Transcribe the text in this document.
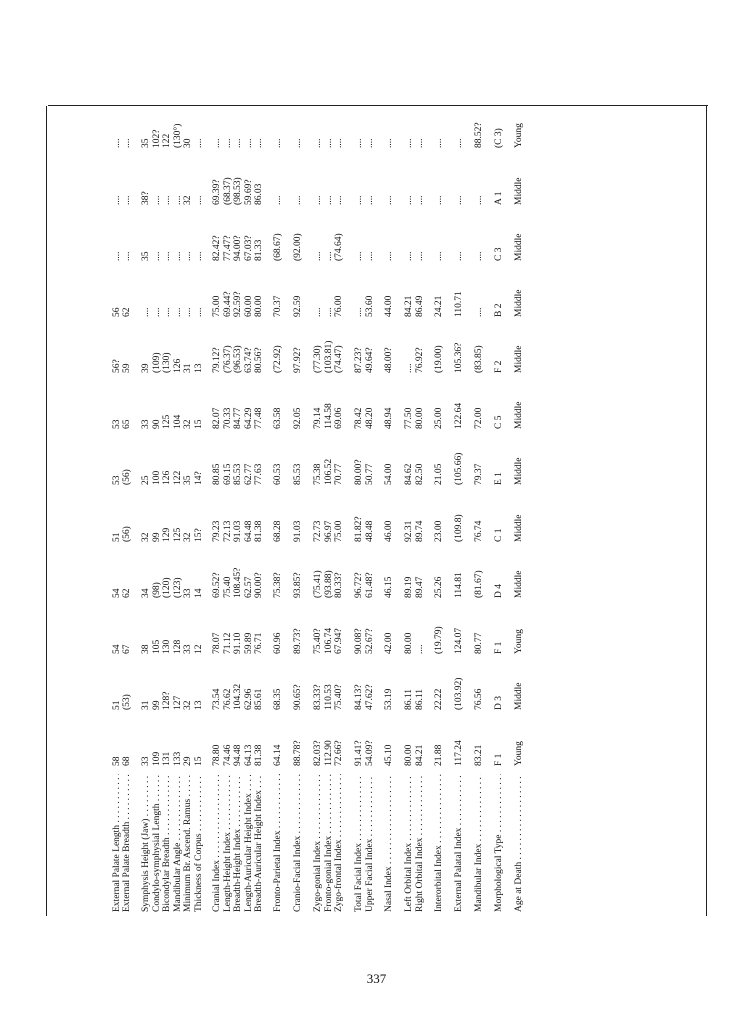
337
External Palate Length . . . External Palate Breadth . . . Symphysis Height (Jaw) . . . Condylo-symphysial Length . . . Bicondylar Breadth . . . Mandibular Angle . . . Minimum Br. Ascend. Ramus . . . Thickness of Corpus . . . Cranial Index . . . Length-Height Index . . . Breadth-Height Index . . . Length-Auricular Height Index . . . Breadth-Auricular Height Index . . . Fronto-Parietal Index . . . Cranio-Facial Index . . . Zygo-gonial Index . . . Fronto-gonial Index . . . Zygo-frontal Index . . . Total Facial Index . . . Upper Facial Index . . . Nasal Index . . . Left Orbital Index . . . Right Orbital Index . . . Interorbital Index . . . External Palatal Index . . . Mandibular Index . . . Morphological Type . . . Age at Death . . .
58 68 33 109 131 133 29 15 78.80 74.46 94.48 64.13 81.38 64.14 88.78? 82.03? 112.90 72.66? 91.41? 54.09? 45.10 80.00 84.21 21.88 117.24 83.21 F 1 Young
51 (53) 31 99 128? 127 32 13 73.54 76.62 104.32 62.96 85.61 68.35 90.65? 83.33? 110.53 75.40? 84.13? 47.62? 53.19 86.11 86.11 22.22 (103.92) 76.56 D 3 Middle
54 67 38 105 130 128 33 12 78.07 71.12 91.10 59.89 76.71 60.96 89.73? 75.40? 106.74 67.94? 90.08? 52.67? 42.00 80.00 .... (19.79) 124.07 80.77 F 1 Young
54 62 34 (98) (120) (123) 33 14 69.52? 75.40 108.45? 62.57 90.00? 75.38? 93.85? (75.41) (93.88) 80.33? 96.72? 61.48? 46.15 89.19 89.47 25.26 114.81 (81.67) D 4 Middle
51 (56) 32 99 129 125 32 15? 79.23 72.13 91.03 64.48 81.38 68.28 91.03 72.73 96.97 75.00 81.82? 48.48 46.00 92.31 89.74 23.00 (109.8) 76.74 C 1 Middle
53 (56) 25 100 126 122 35 14? 80.85 69.15 85.53 62.77 77.63 60.53 85.53 75.38 106.52 70.77 80.00? 50.77 54.00 84.62 82.50 21.05 (105.66) 79.37 E 1 Middle
53 65 33 90 125 104 32 15 82.07 70.33 84.77 64.29 77.48 63.58 92.05 79.14 114.58 69.06 78.42 48.20 48.94 77.50 80.00 25.00 122.64 72.00 C 5 Middle
56? 59 39 (109) (130) 126 31 13 79.12? (76.37) (96.53) 63.74? 80.56? (72.92) 97.92? (77.30) (103.81) (74.47) 87.23? 49.64? 48.00? .... 76.92? (19.00) 105.36? (83.85) F 2 Middle
56 62 .... .... .... .... .... .... 75.00 69.44? 92.59? 60.00 80.00 70.37 92.59 .... .... 76.00 .... 53.60 44.00 84.21 86.49 24.21 110.71 .... B 2 Middle
.... .... 35 .... .... .... .... .... 82.42? 77.47? 94.00? 67.03? 81.33 (68.67) (92.00) .... .... (74.64) .... .... .... .... .... .... .... .... C 3 Middle
.... .... 38? .... .... .... 32 .... 69.39? (68.37) (98.53) 59.69? 86.03 .... .... .... .... .... .... .... .... .... .... .... .... .... A 1 Middle
.... .... 35 102? 122 (130°) 30 .... .... .... .... .... .... .... .... .... .... .... .... .... .... .... .... .... .... 88.52? (C 3) Young
